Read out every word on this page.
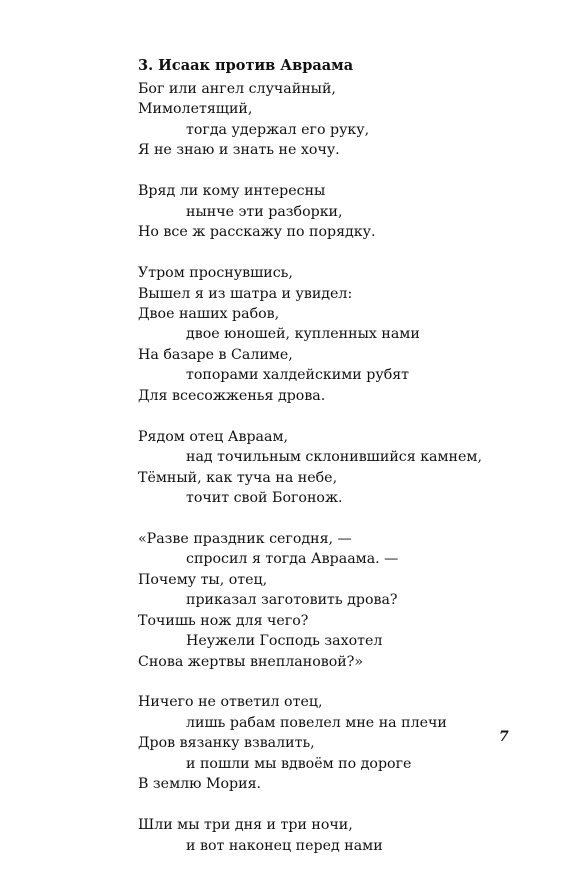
3. Исаак против Авраама
Бог или ангел случайный,
Мимолетящий,
тогда удержал его руку,
Я не знаю и знать не хочу.
Вряд ли кому интересны
нынче эти разборки,
Но все ж расскажу по порядку.
Утром проснувшись,
Вышел я из шатра и увидел:
Двое наших рабов,
двое юношей, купленных нами
На базаре в Салиме,
топорами халдейскими рубят
Для всесожженья дрова.
Рядом отец Авраам,
над точильным склонившийся камнем,
Тёмный, как туча на небе,
точит свой Богонож.
«Разве праздник сегодня, —
спросил я тогда Авраама. —
Почему ты, отец,
приказал заготовить дрова?
Точишь нож для чего?
Неужели Господь захотел
Снова жертвы внеплановой?»
Ничего не ответил отец,
лишь рабам повелел мне на плечи
Дров вязанку взвалить,
и пошли мы вдвоём по дороге
В землю Мория.
Шли мы три дня и три ночи,
и вот наконец перед нами
7
